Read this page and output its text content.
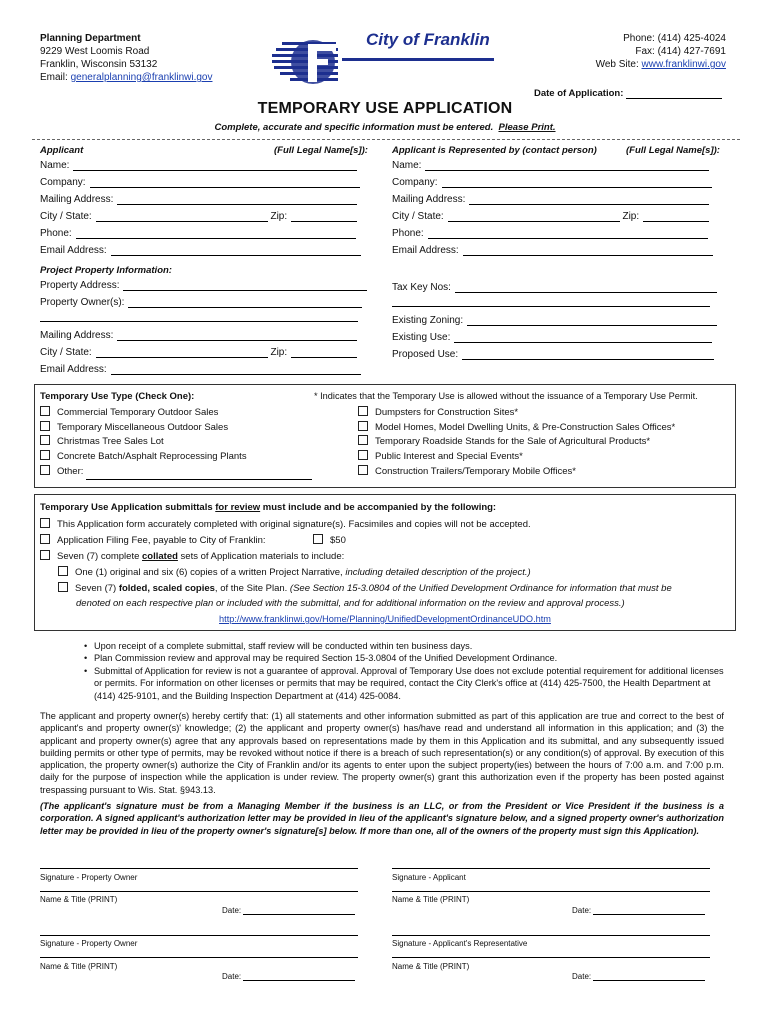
Planning Department
9229 West Loomis Road
Franklin, Wisconsin 53132
Email: generalplanning@franklinwi.gov
City of Franklin	Phone: (414) 425-4024
Fax: (414) 427-7691
Web Site: www.franklinwi.gov
Date of Application:
TEMPORARY USE APPLICATION
Complete, accurate and specific information must be entered. Please Print.
Applicant	(Full Legal Name[s]):
Name:
Company:
Mailing Address:
City / State:	Zip:
Phone:
Email Address:
Applicant is Represented by (contact person)	(Full Legal Name[s]):
Name:
Company:
Mailing Address:
City / State:	Zip:
Phone:
Email Address:
Project Property Information:
Property Address:
Property Owner(s):
Mailing Address:
City / State:	Zip:
Email Address:
Tax Key Nos:
Existing Zoning:
Existing Use:
Proposed Use:
Temporary Use Type (Check One):	* Indicates that the Temporary Use is allowed without the issuance of a Temporary Use Permit.
Commercial Temporary Outdoor Sales
Temporary Miscellaneous Outdoor Sales
Christmas Tree Sales Lot
Concrete Batch/Asphalt Reprocessing Plants
Other:
Dumpsters for Construction Sites*
Model Homes, Model Dwelling Units, & Pre-Construction Sales Offices*
Temporary Roadside Stands for the Sale of Agricultural Products*
Public Interest and Special Events*
Construction Trailers/Temporary Mobile Offices*
Temporary Use Application submittals for review must include and be accompanied by the following:
This Application form accurately completed with original signature(s). Facsimiles and copies will not be accepted.
Application Filing Fee, payable to City of Franklin:	$50
Seven (7) complete collated sets of Application materials to include:
One (1) original and six (6) copies of a written Project Narrative, including detailed description of the project.)
Seven (7) folded, scaled copies, of the Site Plan. (See Section 15-3.0804 of the Unified Development Ordinance for information that must be
denoted on each respective plan or included with the submittal, and for additional information on the review and approval process.)
http://www.franklinwi.gov/Home/Planning/UnifiedDevelopmentOrdinanceUDO.htm
• Upon receipt of a complete submittal, staff review will be conducted within ten business days.
• Plan Commission review and approval may be required Section 15-3.0804 of the Unified Development Ordinance.
• Submittal of Application for review is not a guarantee of approval. Approval of Temporary Use does not exclude potential requirement for additional licenses or permits. For information on other licenses or permits that may be required, contact the City Clerk's office at (414) 425-7500, the Health Department at (414) 425-9101, and the Building Inspection Department at (414) 425-0084.
The applicant and property owner(s) hereby certify that: (1) all statements and other information submitted as part of this application are true and correct to the best of applicant's and property owner(s)' knowledge; (2) the applicant and property owner(s) has/have read and understand all information in this application; and (3) the applicant and property owner(s) agree that any approvals based on representations made by them in this Application and its submittal, and any subsequently issued building permits or other type of permits, may be revoked without notice if there is a breach of such representation(s) or any condition(s) of approval. By execution of this application, the property owner(s) authorize the City of Franklin and/or its agents to enter upon the subject property(ies) between the hours of 7:00 a.m. and 7:00 p.m. daily for the purpose of inspection while the application is under review. The property owner(s) grant this authorization even if the property has been posted against trespassing pursuant to Wis. Stat. §943.13.
(The applicant's signature must be from a Managing Member if the business is an LLC, or from the President or Vice President if the business is a corporation. A signed applicant's authorization letter may be provided in lieu of the applicant's signature below, and a signed property owner's authorization letter may be provided in lieu of the property owner's signature[s] below. If more than one, all of the owners of the property must sign this Application).
Signature - Property Owner
Name & Title (PRINT)
Date:
Signature - Applicant
Name & Title (PRINT)
Date:
Signature - Property Owner
Name & Title (PRINT)
Date:
Signature - Applicant's Representative
Name & Title (PRINT)
Date:
